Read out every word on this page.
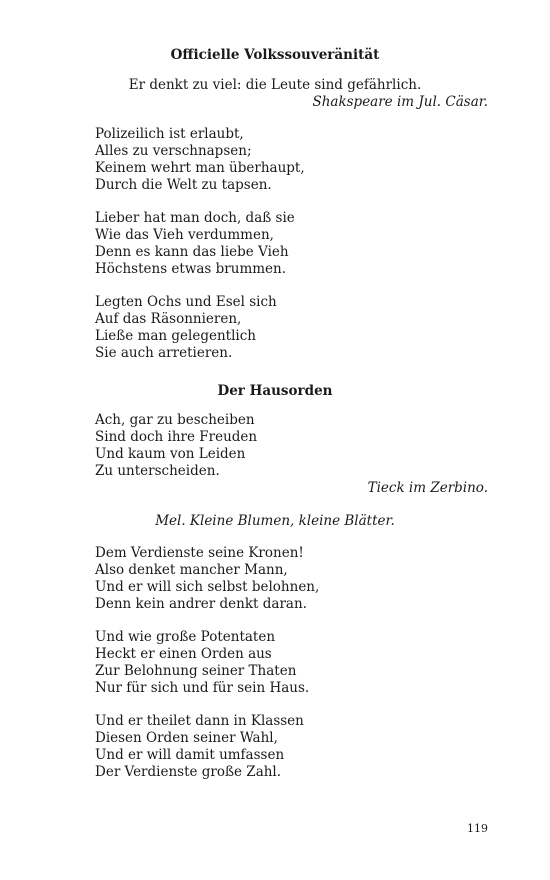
Officielle Volkssouveränität

Er denkt zu viel: die Leute sind gefährlich.

Shakspeare im Jul. Cäsar.

Polizeilich ist erlaubt,
Alles zu verschnapsen;
Keinem wehrt man überhaupt,
Durch die Welt zu tapsen.
Lieber hat man doch, daß sie
Wie das Vieh verdummen,
Denn es kann das liebe Vieh
Höchstens etwas brummen.
Legten Ochs und Esel sich
Auf das Räsonnieren,
Ließe man gelegentlich
Sie auch arretieren.
Der Hausorden
Ach, gar zu bescheiben
Sind doch ihre Freuden
Und kaum von Leiden
Zu unterscheiden.

Tieck im Zerbino.

Mel. Kleine Blumen, kleine Blätter.

Dem Verdienste seine Kronen!
Also denket mancher Mann,
Und er will sich selbst belohnen,
Denn kein andrer denkt daran.
Und wie große Potentaten
Heckt er einen Orden aus
Zur Belohnung seiner Thaten
Nur für sich und für sein Haus.
Und er theilet dann in Klassen
Diesen Orden seiner Wahl,
Und er will damit umfassen
Der Verdienste große Zahl.
119
